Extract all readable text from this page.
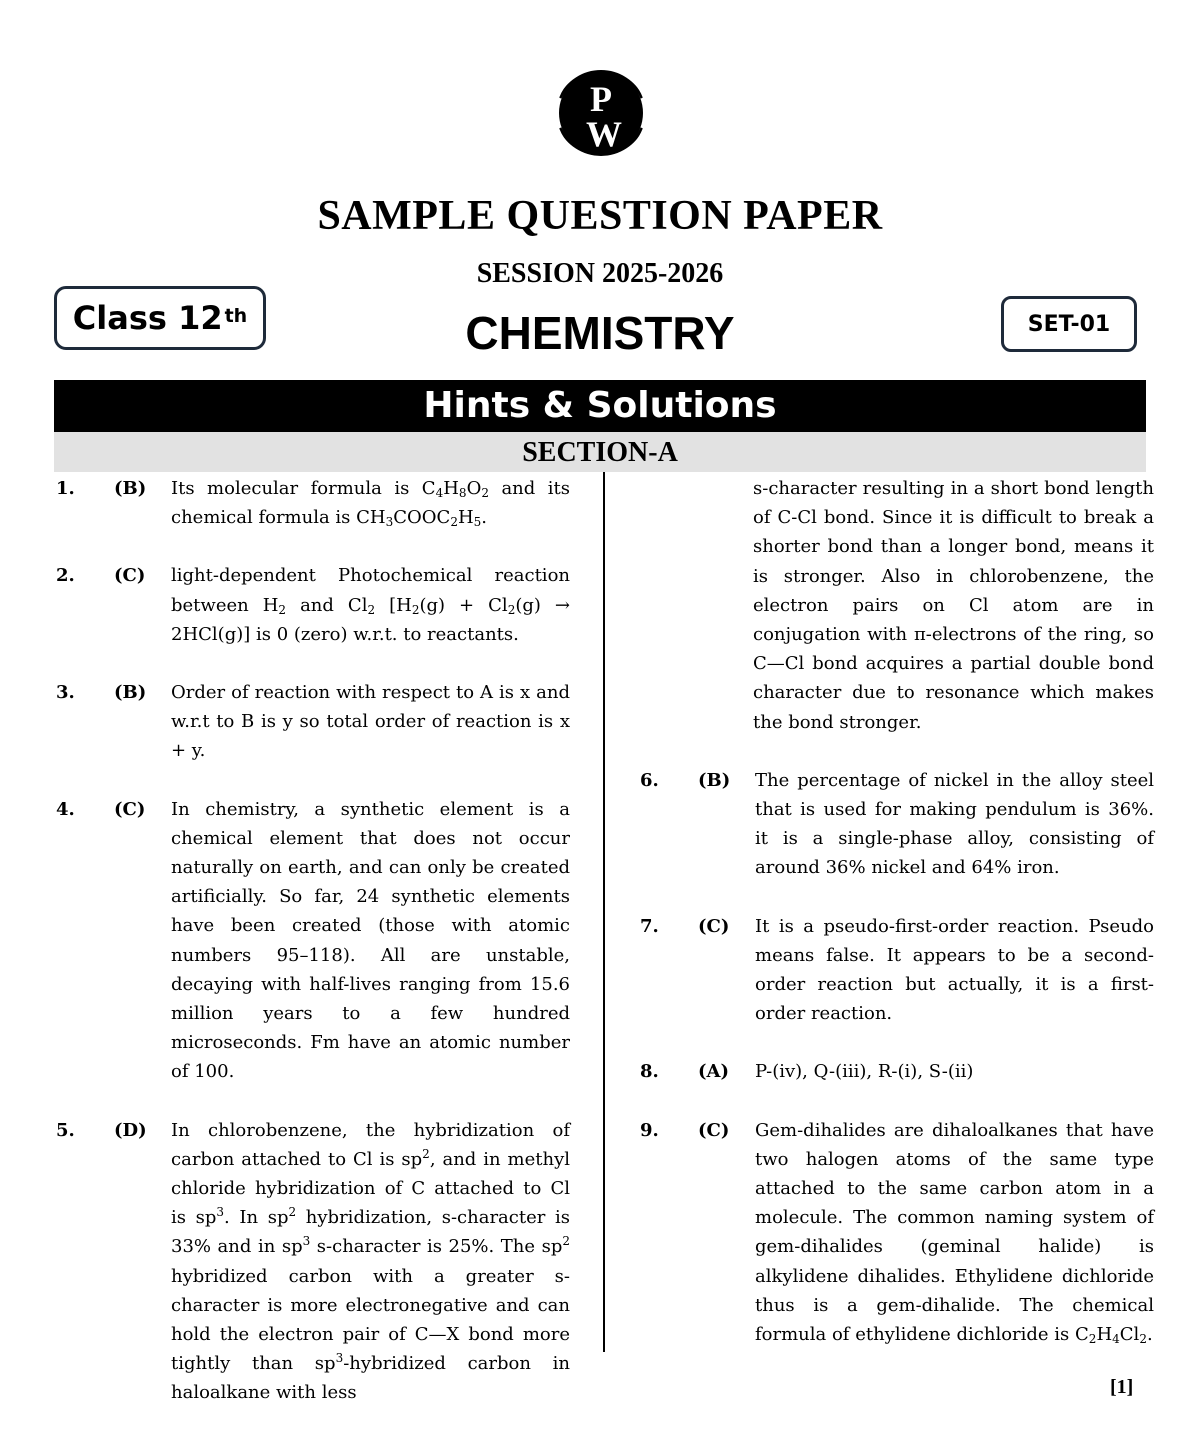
P
W
SAMPLE QUESTION PAPER
SESSION 2025-2026
CHEMISTRY
Class 12th	SET-01
Hints & Solutions
SECTION-A
1. (B) Its molecular formula is $C_4H_8O_2$ and its chemical formula is $CH_3COOC_2H_5$.
2. (C) light-dependent Photochemical reaction between $H_2$ and $Cl_2$ $[H_2(g) + Cl_2(g) \to 2HCl(g)]$ is 0 (zero) w.r.t. to reactants.
3. (B) Order of reaction with respect to A is x and w.r.t to B is y so total order of reaction is x + y.
4. (C) In chemistry, a synthetic element is a chemical element that does not occur naturally on earth, and can only be created artificially. So far, 24 synthetic elements have been created (those with atomic numbers 95–118). All are unstable, decaying with half-lives ranging from 15.6 million years to a few hundred microseconds. Fm have an atomic number of 100.
5. (D) In chlorobenzene, the hybridization of carbon attached to Cl is $sp^2$, and in methyl chloride hybridization of C attached to Cl is $sp^3$. In $sp^2$ hybridization, s-character is 33% and in $sp^3$ s-character is 25%. The $sp^2$ hybridized carbon with a greater s-character is more electronegative and can hold the electron pair of C—X bond more tightly than $sp^3$-hybridized carbon in haloalkane with less
s-character resulting in a short bond length of C-Cl bond. Since it is difficult to break a shorter bond than a longer bond, means it is stronger. Also in chlorobenzene, the electron pairs on Cl atom are in conjugation with π-electrons of the ring, so C—Cl bond acquires a partial double bond character due to resonance which makes the bond stronger.
6. (B) The percentage of nickel in the alloy steel that is used for making pendulum is 36%. it is a single-phase alloy, consisting of around 36% nickel and 64% iron.
7. (C) It is a pseudo-first-order reaction. Pseudo means false. It appears to be a second-order reaction but actually, it is a first-order reaction.
8. (A) P-(iv), Q-(iii), R-(i), S-(ii)
9. (C) Gem-dihalides are dihaloalkanes that have two halogen atoms of the same type attached to the same carbon atom in a molecule. The common naming system of gem-dihalides (geminal halide) is alkylidene dihalides. Ethylidene dichloride thus is a gem-dihalide. The chemical formula of ethylidene dichloride is $C_2H_4Cl_2$.
[1]
